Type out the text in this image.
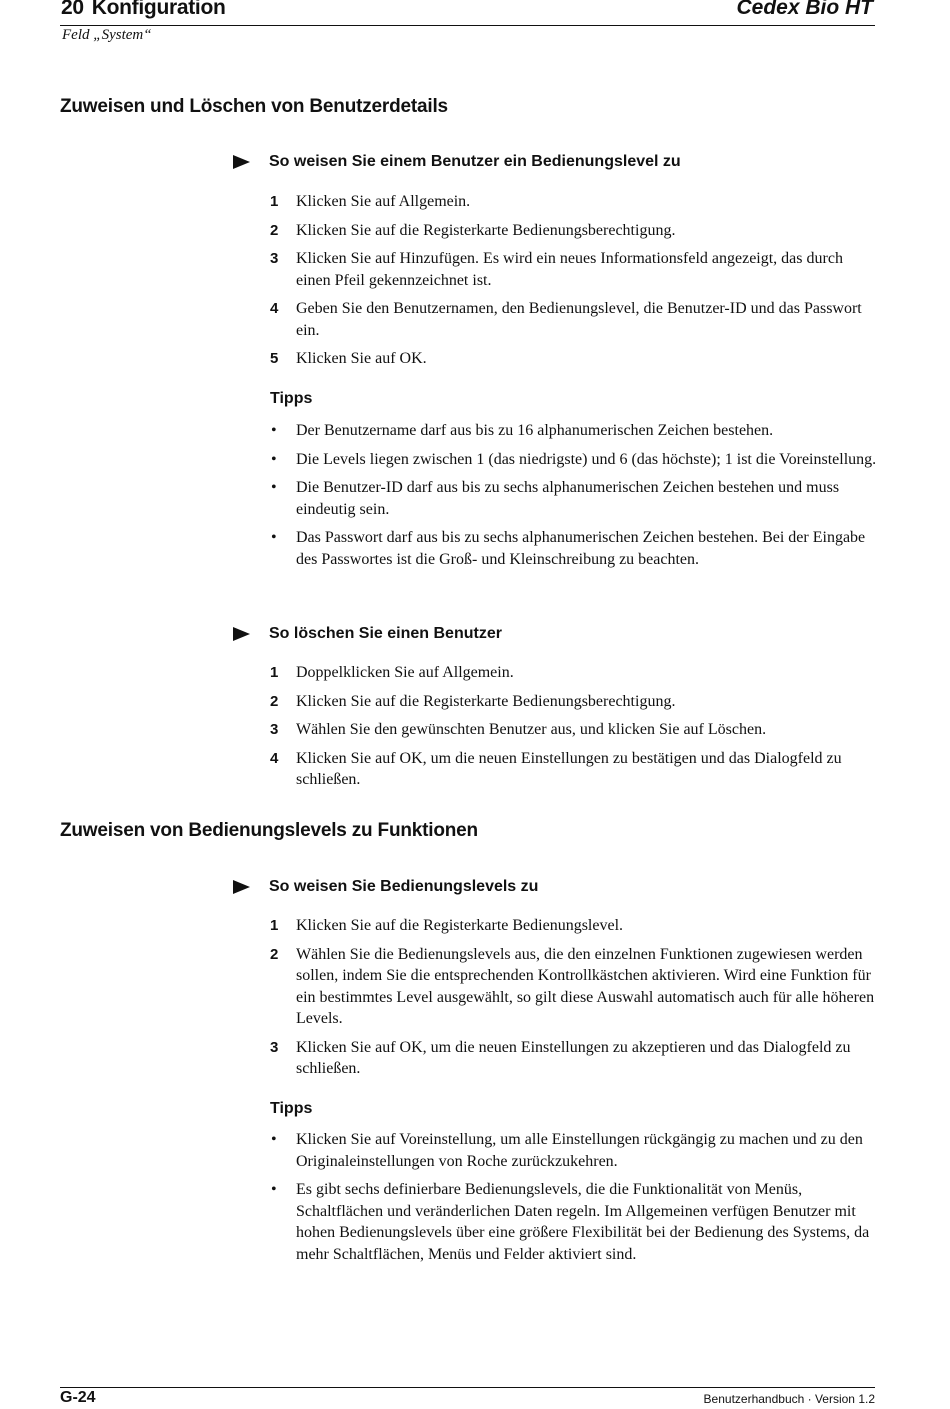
20 Konfiguration	Cedex Bio HT
Feld „System“
Zuweisen und Löschen von Benutzerdetails
So weisen Sie einem Benutzer ein Bedienungslevel zu
1 Klicken Sie auf Allgemein.
2 Klicken Sie auf die Registerkarte Bedienungsberechtigung.
3 Klicken Sie auf Hinzufügen. Es wird ein neues Informationsfeld angezeigt, das durch einen Pfeil gekennzeichnet ist.
4 Geben Sie den Benutzernamen, den Bedienungslevel, die Benutzer-ID und das Passwort ein.
5 Klicken Sie auf OK.
Tipps
• Der Benutzername darf aus bis zu 16 alphanumerischen Zeichen bestehen.
• Die Levels liegen zwischen 1 (das niedrigste) und 6 (das höchste); 1 ist die Voreinstellung.
• Die Benutzer-ID darf aus bis zu sechs alphanumerischen Zeichen bestehen und muss eindeutig sein.
• Das Passwort darf aus bis zu sechs alphanumerischen Zeichen bestehen. Bei der Eingabe des Passwortes ist die Groß- und Kleinschreibung zu beachten.
So löschen Sie einen Benutzer
1 Doppelklicken Sie auf Allgemein.
2 Klicken Sie auf die Registerkarte Bedienungsberechtigung.
3 Wählen Sie den gewünschten Benutzer aus, und klicken Sie auf Löschen.
4 Klicken Sie auf OK, um die neuen Einstellungen zu bestätigen und das Dialogfeld zu schließen.
Zuweisen von Bedienungslevels zu Funktionen
So weisen Sie Bedienungslevels zu
1 Klicken Sie auf die Registerkarte Bedienungslevel.
2 Wählen Sie die Bedienungslevels aus, die den einzelnen Funktionen zugewiesen werden sollen, indem Sie die entsprechenden Kontrollkästchen aktivieren. Wird eine Funktion für ein bestimmtes Level ausgewählt, so gilt diese Auswahl automatisch auch für alle höheren Levels.
3 Klicken Sie auf OK, um die neuen Einstellungen zu akzeptieren und das Dialogfeld zu schließen.
Tipps
• Klicken Sie auf Voreinstellung, um alle Einstellungen rückgängig zu machen und zu den Originaleinstellungen von Roche zurückzukehren.
• Es gibt sechs definierbare Bedienungslevels, die die Funktionalität von Menüs, Schaltflächen und veränderlichen Daten regeln. Im Allgemeinen verfügen Benutzer mit hohen Bedienungslevels über eine größere Flexibilität bei der Bedienung des Systems, da mehr Schaltflächen, Menüs und Felder aktiviert sind.
G-24	Benutzerhandbuch · Version 1.2
